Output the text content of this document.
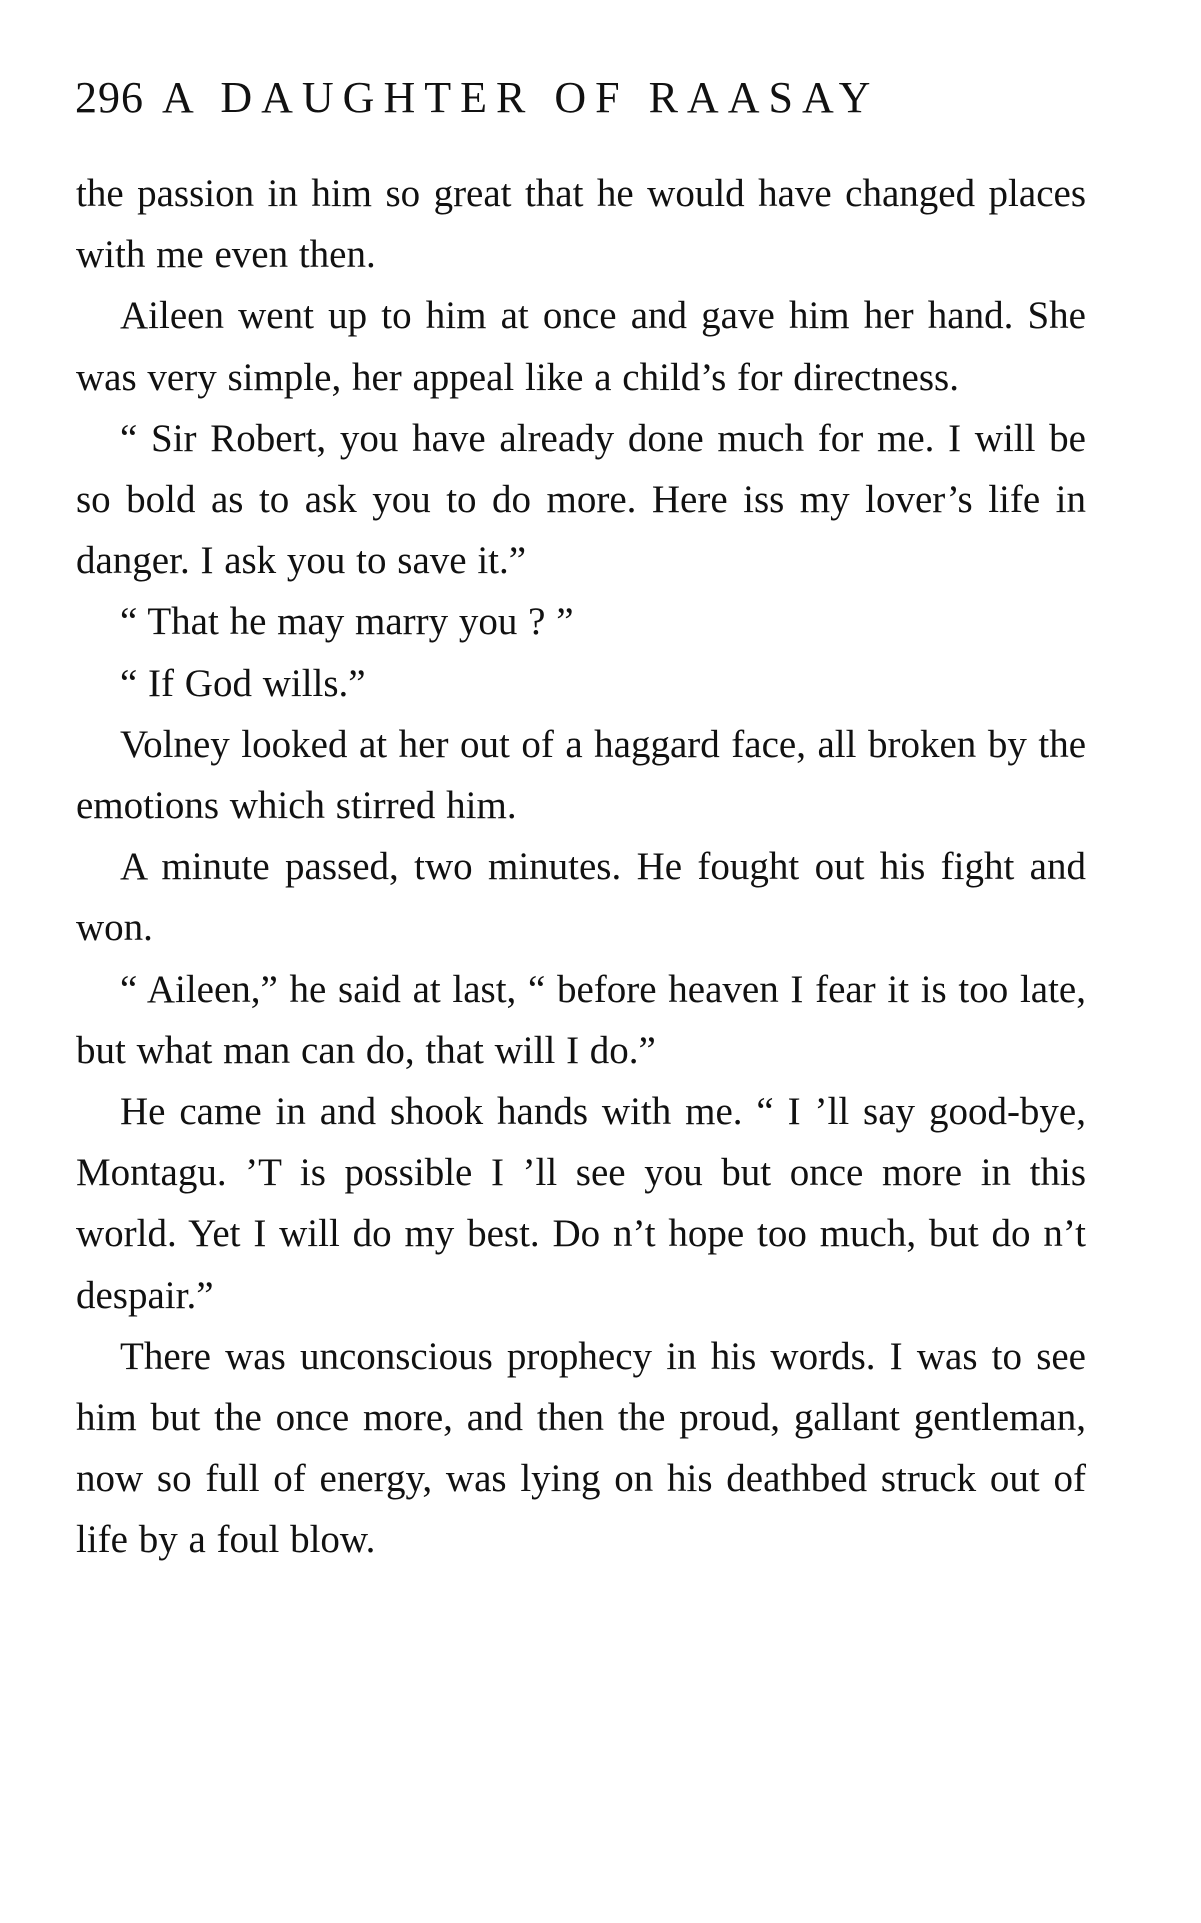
296 A DAUGHTER OF RAASAY

the passion in him so great that he would have changed places with me even then.

Aileen went up to him at once and gave him her hand. She was very simple, her appeal like a child’s for directness.

“ Sir Robert, you have already done much for me. I will be so bold as to ask you to do more. Here iss my lover’s life in danger. I ask you to save it.”

“ That he may marry you ? ”

“ If God wills.”

Volney looked at her out of a haggard face, all broken by the emotions which stirred him.

A minute passed, two minutes. He fought out his fight and won.

“ Aileen,” he said at last, “ before heaven I fear it is too late, but what man can do, that will I do.”

He came in and shook hands with me. “ I ’ll say good-bye, Montagu. ’T is possible I ’ll see you but once more in this world. Yet I will do my best. Do n’t hope too much, but do n’t despair.”

There was unconscious prophecy in his words. I was to see him but the once more, and then the proud, gallant gentleman, now so full of energy, was lying on his deathbed struck out of life by a foul blow.
